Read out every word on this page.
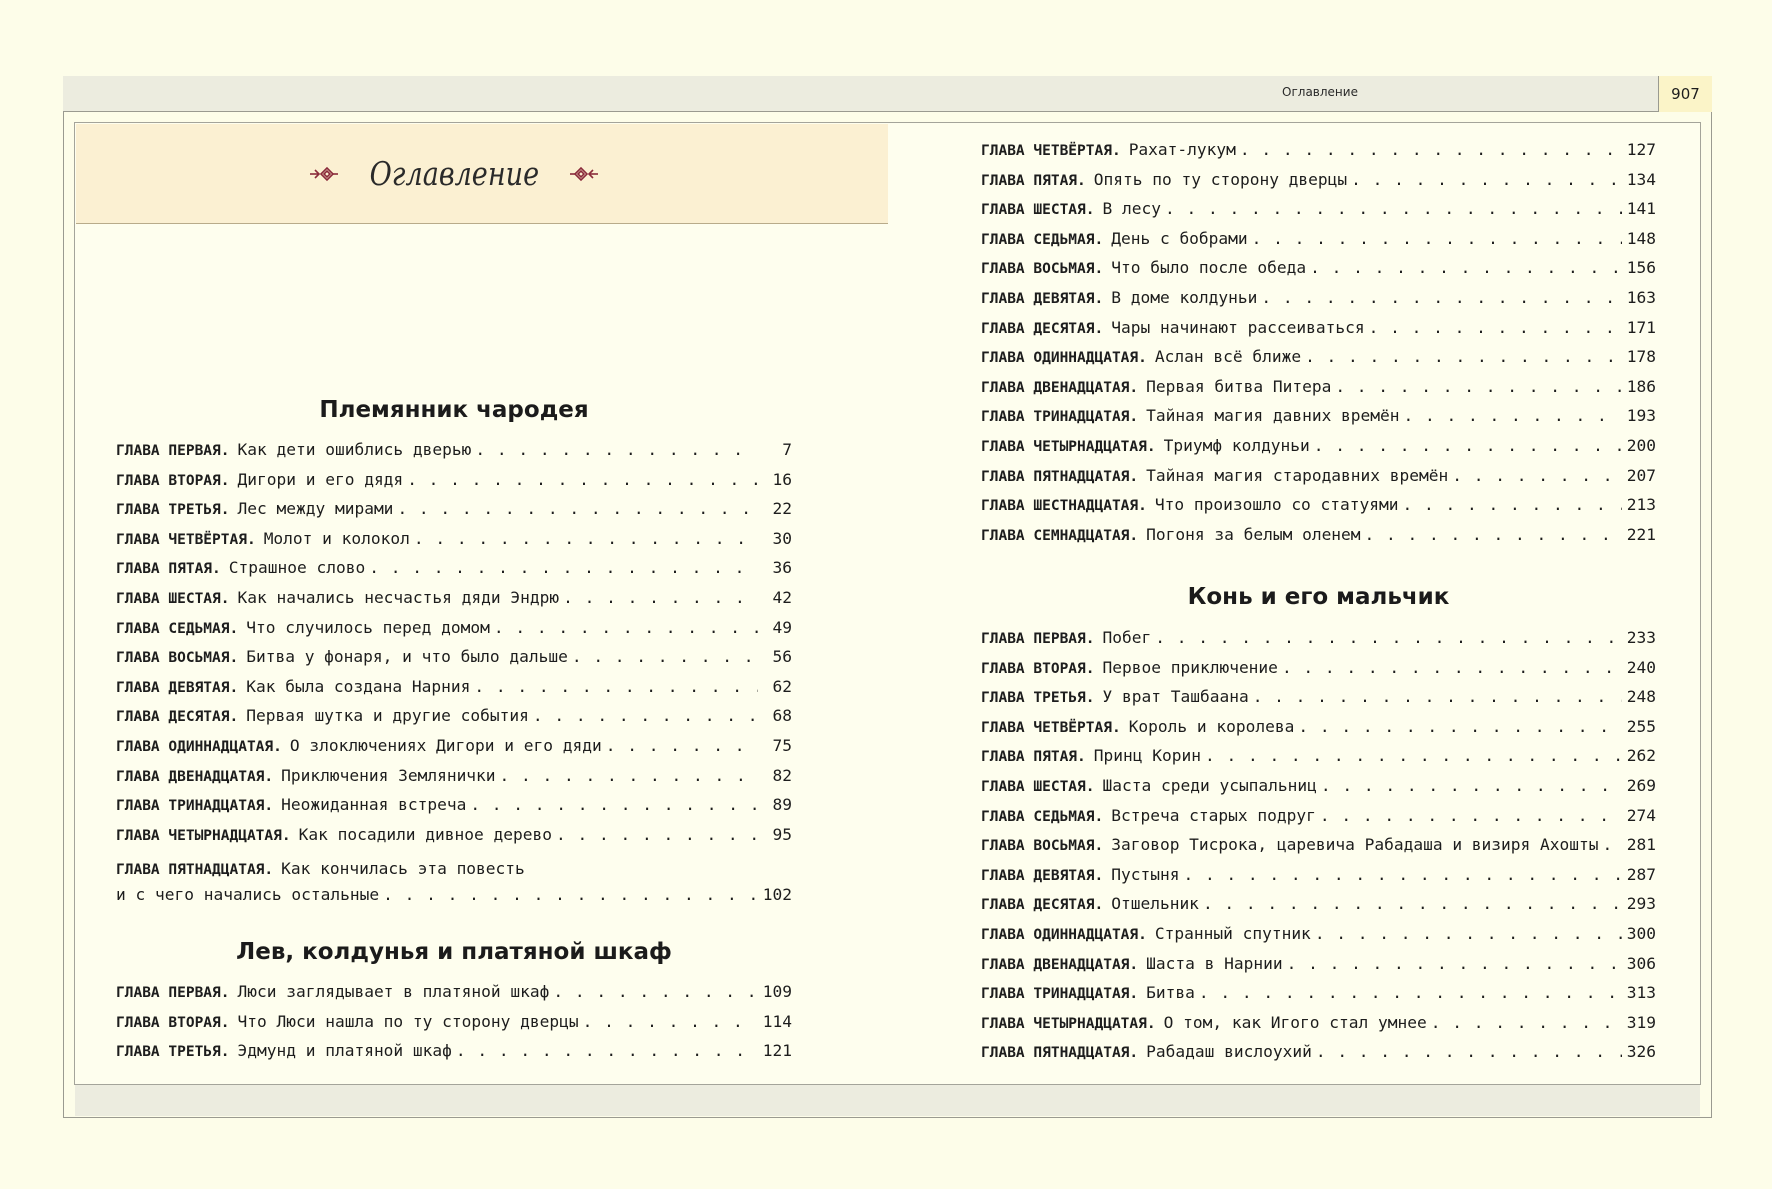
Оглавление	907
Оглавление
Племянник чародея
ГЛАВА ПЕРВАЯ. Как дети ошиблись дверью . . .	7
ГЛАВА ВТОРАЯ. Дигори и его дядя . . .	16
ГЛАВА ТРЕТЬЯ. Лес между мирами . . .	22
ГЛАВА ЧЕТВЁРТАЯ. Молот и колокол . . .	30
ГЛАВА ПЯТАЯ. Страшное слово . . .	36
ГЛАВА ШЕСТАЯ. Как начались несчастья дяди Эндрю . . .	42
ГЛАВА СЕДЬМАЯ. Что случилось перед домом . . .	49
ГЛАВА ВОСЬМАЯ. Битва у фонаря, и что было дальше . . .	56
ГЛАВА ДЕВЯТАЯ. Как была создана Нарния . . .	62
ГЛАВА ДЕСЯТАЯ. Первая шутка и другие события . . .	68
ГЛАВА ОДИННАДЦАТАЯ. О злоключениях Дигори и его дяди . . .	75
ГЛАВА ДВЕНАДЦАТАЯ. Приключения Землянички . . .	82
ГЛАВА ТРИНАДЦАТАЯ. Неожиданная встреча . . .	89
ГЛАВА ЧЕТЫРНАДЦАТАЯ. Как посадили дивное дерево . . .	95
ГЛАВА ПЯТНАДЦАТАЯ. Как кончилась эта повесть
и с чего начались остальные . . .	102
Лев, колдунья и платяной шкаф
ГЛАВА ПЕРВАЯ. Люси заглядывает в платяной шкаф . . .	109
ГЛАВА ВТОРАЯ. Что Люси нашла по ту сторону дверцы . . .	114
ГЛАВА ТРЕТЬЯ. Эдмунд и платяной шкаф . . .	121
ГЛАВА ЧЕТВЁРТАЯ. Рахат-лукум . . .	127
ГЛАВА ПЯТАЯ. Опять по ту сторону дверцы . . .	134
ГЛАВА ШЕСТАЯ. В лесу . . .	141
ГЛАВА СЕДЬМАЯ. День с бобрами . . .	148
ГЛАВА ВОСЬМАЯ. Что было после обеда . . .	156
ГЛАВА ДЕВЯТАЯ. В доме колдуньи . . .	163
ГЛАВА ДЕСЯТАЯ. Чары начинают рассеиваться . . .	171
ГЛАВА ОДИННАДЦАТАЯ. Аслан всё ближе . . .	178
ГЛАВА ДВЕНАДЦАТАЯ. Первая битва Питера . . .	186
ГЛАВА ТРИНАДЦАТАЯ. Тайная магия давних времён . . .	193
ГЛАВА ЧЕТЫРНАДЦАТАЯ. Триумф колдуньи . . .	200
ГЛАВА ПЯТНАДЦАТАЯ. Тайная магия стародавних времён . . .	207
ГЛАВА ШЕСТНАДЦАТАЯ. Что произошло со статуями . . .	213
ГЛАВА СЕМНАДЦАТАЯ. Погоня за белым оленем . . .	221
Конь и его мальчик
ГЛАВА ПЕРВАЯ. Побег . . .	233
ГЛАВА ВТОРАЯ. Первое приключение . . .	240
ГЛАВА ТРЕТЬЯ. У врат Ташбаана . . .	248
ГЛАВА ЧЕТВЁРТАЯ. Король и королева . . .	255
ГЛАВА ПЯТАЯ. Принц Корин . . .	262
ГЛАВА ШЕСТАЯ. Шаста среди усыпальниц . . .	269
ГЛАВА СЕДЬМАЯ. Встреча старых подруг . . .	274
ГЛАВА ВОСЬМАЯ. Заговор Тисрока, царевича Рабадаша и визиря Ахошты . . . 281
ГЛАВА ДЕВЯТАЯ. Пустыня . . .	287
ГЛАВА ДЕСЯТАЯ. Отшельник . . .	293
ГЛАВА ОДИННАДЦАТАЯ. Странный спутник . . .	300
ГЛАВА ДВЕНАДЦАТАЯ. Шаста в Нарнии . . .	306
ГЛАВА ТРИНАДЦАТАЯ. Битва . . .	313
ГЛАВА ЧЕТЫРНАДЦАТАЯ. О том, как Игого стал умнее . . .	319
ГЛАВА ПЯТНАДЦАТАЯ. Рабадаш вислоухий . . .	326
